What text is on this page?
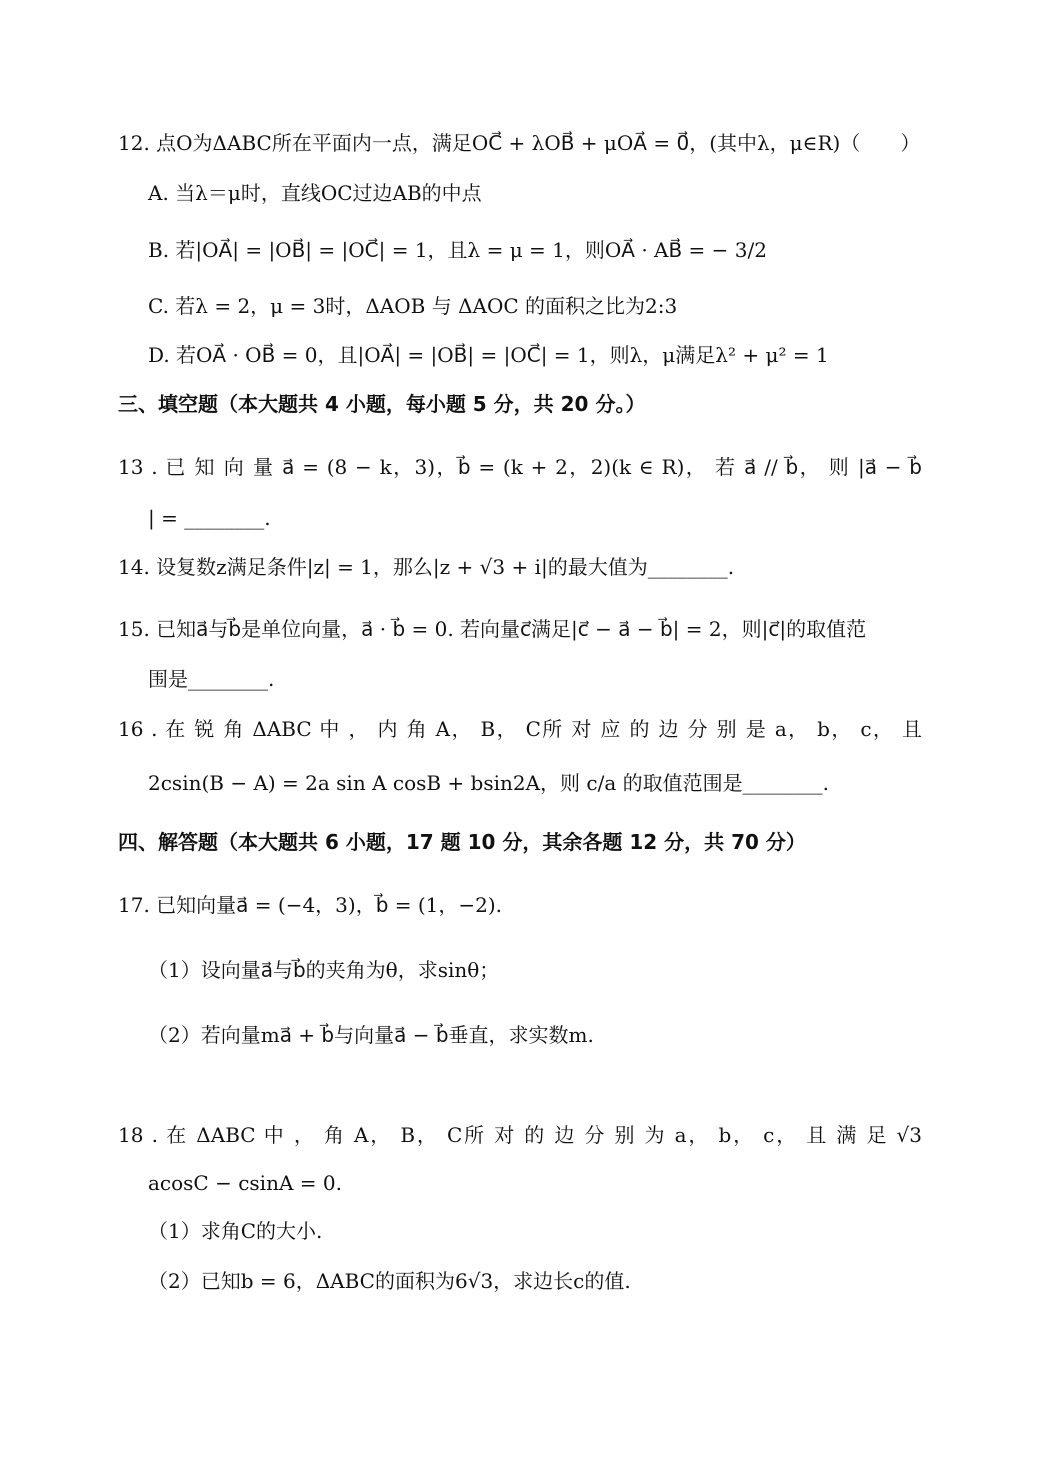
12. 点O为ΔABC所在平面内一点，满足OC⃗ + λOB⃗ + μOA⃗ = 0⃗，(其中λ，μ∈R)（　　）
A. 当λ＝μ时，直线OC过边AB的中点
B. 若|OA⃗| = |OB⃗| = |OC⃗| = 1，且λ = μ = 1，则OA⃗ · AB⃗ = − 3/2
C. 若λ = 2，μ = 3时，ΔAOB 与 ΔAOC 的面积之比为2:3
D. 若OA⃗ · OB⃗ = 0，且|OA⃗| = |OB⃗| = |OC⃗| = 1，则λ，μ满足λ² + μ² = 1
三、填空题（本大题共 4 小题，每小题 5 分，共 20 分。）
13 . 已 知 向 量 a⃗ = (8 − k，3)，b⃗ = (k + 2，2)(k ∈ R)， 若 a⃗ // b⃗， 则 |a⃗ − b⃗
| = ________.
14. 设复数z满足条件|z| = 1，那么|z + √3 + i|的最大值为________.
15. 已知a⃗与b⃗是单位向量，a⃗ · b⃗ = 0. 若向量c⃗满足|c⃗ − a⃗ − b⃗| = 2，则|c⃗|的取值范
围是________.
16 . 在 锐 角 ΔABC 中 ， 内 角 A， B， C所 对 应 的 边 分 别 是 a， b， c， 且
2csin(B − A) = 2a sin A cosB + bsin2A，则 c/a 的取值范围是________.
四、解答题（本大题共 6 小题，17 题 10 分，其余各题 12 分，共 70 分）
17. 已知向量a⃗ = (−4，3)，b⃗ = (1，−2).
（1）设向量a⃗与b⃗的夹角为θ，求sinθ；
（2）若向量ma⃗ + b⃗与向量a⃗ − b⃗垂直，求实数m.
18 . 在 ΔABC 中 ， 角 A， B， C所 对 的 边 分 别 为 a， b， c， 且 满 足 √3
acosC − csinA = 0.
（1）求角C的大小.
（2）已知b = 6，ΔABC的面积为6√3，求边长c的值.
